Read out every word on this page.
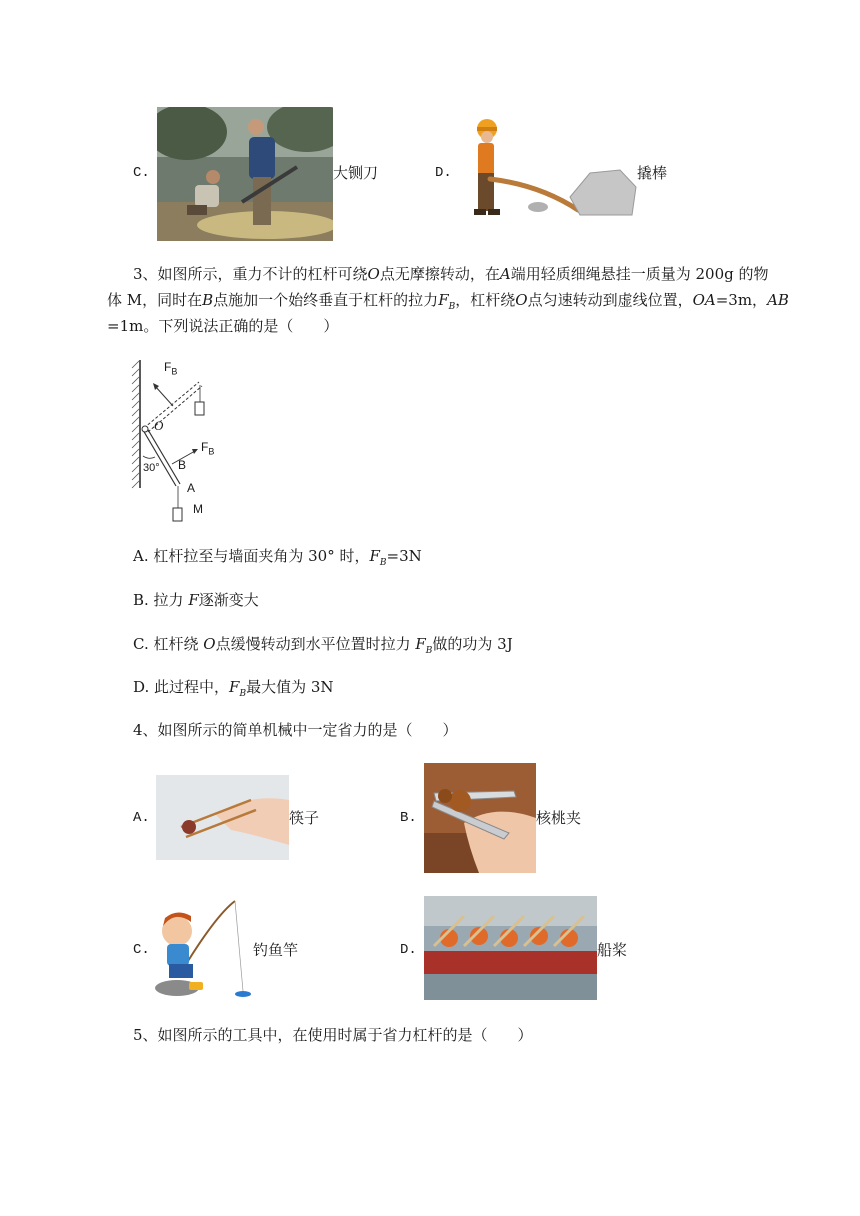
C.	大铡刀	D.	撬棒
3、如图所示，重力不计的杠杆可绕O点无摩擦转动，在A端用轻质细绳悬挂一质量为 200g 的物
体 M，同时在B点施加一个始终垂直于杠杆的拉力$F_B$，杠杆绕O点匀速转动到虚线位置，OA=3m，AB
=1m。下列说法正确的是（　　）
$F_B$
O
$F_B$
B
30°
A
M
A. 杠杆拉至与墙面夹角为 30° 时，$F_B=3N$
B. 拉力 F逐渐变大
C. 杠杆绕 O点缓慢转动到水平位置时拉力 $F_B$做的功为 3J
D. 此过程中，$F_B$最大值为 3N
4、如图所示的简单机械中一定省力的是（　　）
A.	筷子	B.	核桃夹
C.	钓鱼竿	D.	船桨
5、如图所示的工具中，在使用时属于省力杠杆的是（　　）
